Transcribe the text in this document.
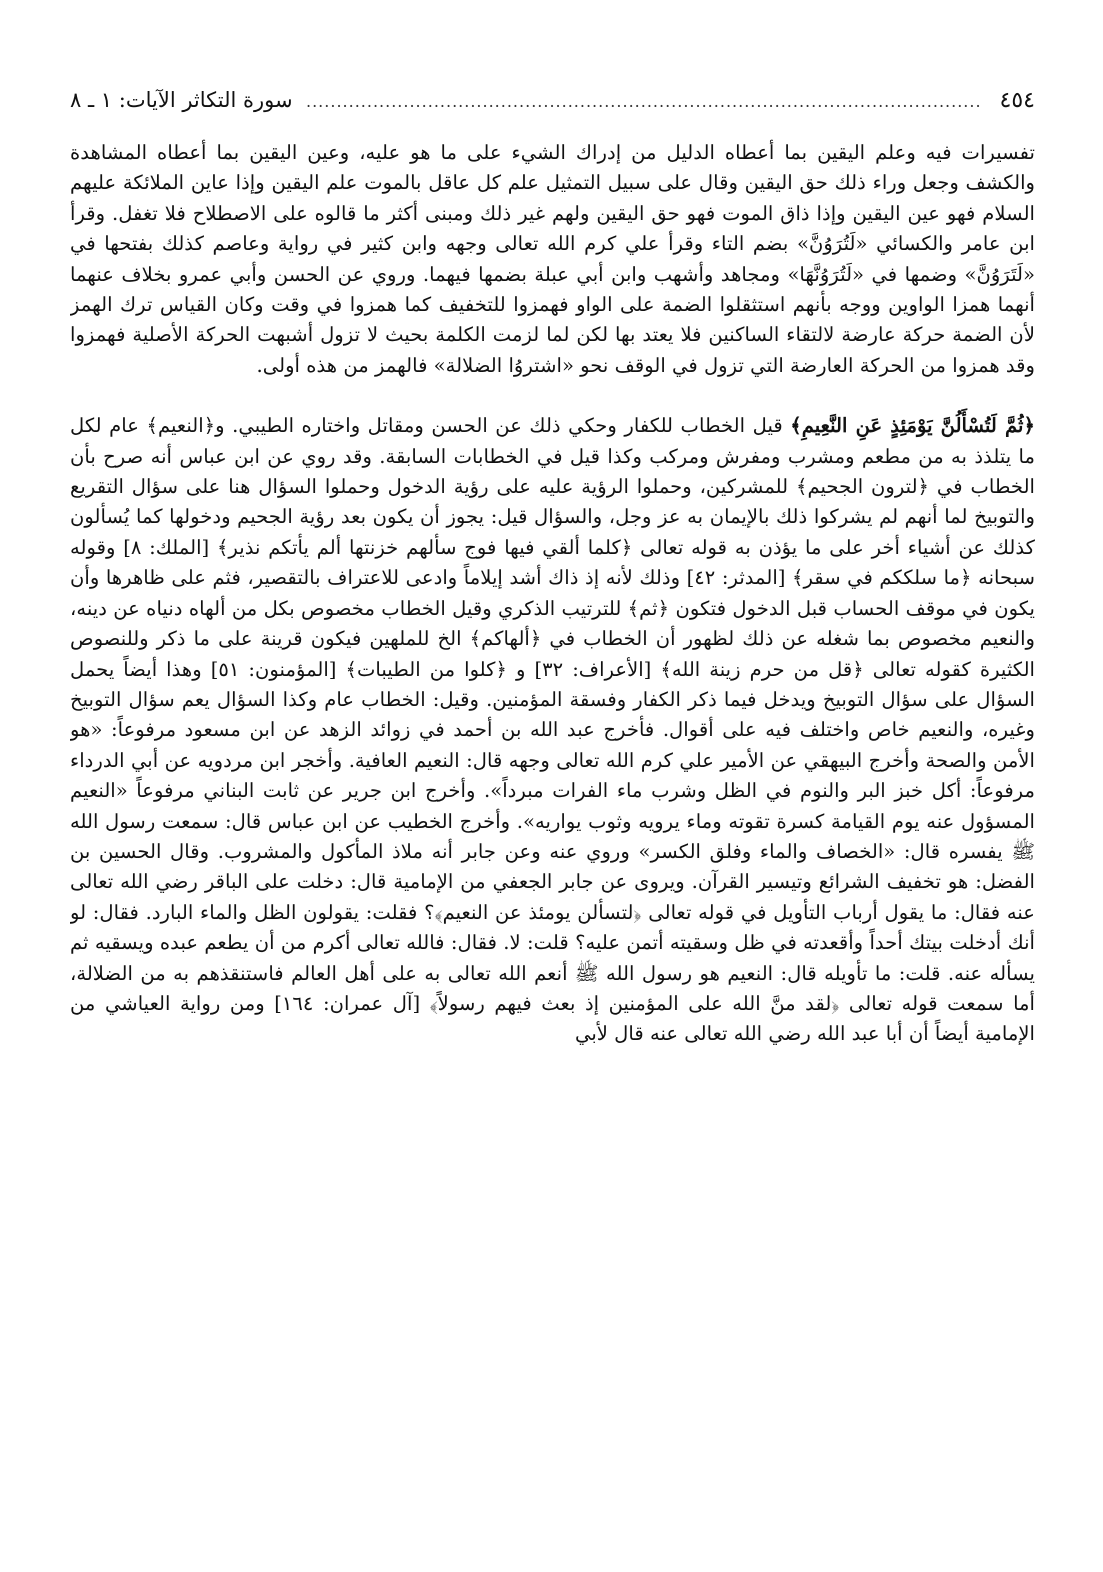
٤٥٤
.....
سورة التكاثر الآيات: ١ ـ ٨

تفسيرات فيه وعلم اليقين بما أعطاه الدليل من إدراك الشيء على ما هو عليه، وعين اليقين بما أعطاه المشاهدة والكشف وجعل وراء ذلك حق اليقين وقال على سبيل التمثيل علم كل عاقل بالموت علم اليقين وإذا عاين الملائكة عليهم السلام فهو عين اليقين وإذا ذاق الموت فهو حق اليقين ولهم غير ذلك ومبنى أكثر ما قالوه على الاصطلاح فلا تغفل. وقرأ ابن عامر والكسائي «لَتُرَوُنَّ» بضم التاء وقرأ علي كرم الله تعالى وجهه وابن كثير في رواية وعاصم كذلك بفتحها في «لَتَرَوُنَّ» وضمها في «لَتُرَوُنَّهَا» ومجاهد وأشهب وابن أبي عبلة بضمها فيهما. وروي عن الحسن وأبي عمرو بخلاف عنهما أنهما همزا الواوين ووجه بأنهم استثقلوا الضمة على الواو فهمزوا للتخفيف كما همزوا في وقت وكان القياس ترك الهمز لأن الضمة حركة عارضة لالتقاء الساكنين فلا يعتد بها لكن لما لزمت الكلمة بحيث لا تزول أشبهت الحركة الأصلية فهمزوا وقد همزوا من الحركة العارضة التي تزول في الوقف نحو «اشتروُا الضلالة» فالهمز من هذه أولى.

﴿ثُمَّ لَتُسْأَلُنَّ يَوْمَئِذٍ عَنِ النَّعِيمِ﴾ قيل الخطاب للكفار وحكي ذلك عن الحسن ومقاتل واختاره الطيبي. و﴿النعيم﴾ عام لكل ما يتلذذ به من مطعم ومشرب ومفرش ومركب وكذا قيل في الخطابات السابقة. وقد روي عن ابن عباس أنه صرح بأن الخطاب في ﴿لترون الجحيم﴾ للمشركين، وحملوا الرؤية عليه على رؤية الدخول وحملوا السؤال هنا على سؤال التقريع والتوبيخ لما أنهم لم يشركوا ذلك بالإيمان به عز وجل، والسؤال قيل: يجوز أن يكون بعد رؤية الجحيم ودخولها كما يُسألون كذلك عن أشياء أخر على ما يؤذن به قوله تعالى ﴿كلما ألقي فيها فوج سألهم خزنتها ألم يأتكم نذير﴾ [الملك: ٨] وقوله سبحانه ﴿ما سلككم في سقر﴾ [المدثر: ٤٢] وذلك لأنه إذ ذاك أشد إيلاماً وادعى للاعتراف بالتقصير، فثم على ظاهرها وأن يكون في موقف الحساب قبل الدخول فتكون ﴿ثم﴾ للترتيب الذكري وقيل الخطاب مخصوص بكل من ألهاه دنياه عن دينه، والنعيم مخصوص بما شغله عن ذلك لظهور أن الخطاب في ﴿ألهاكم﴾ الخ للملهين فيكون قرينة على ما ذكر وللنصوص الكثيرة كقوله تعالى ﴿قل من حرم زينة الله﴾ [الأعراف: ٣٢] و ﴿كلوا من الطيبات﴾ [المؤمنون: ٥١] وهذا أيضاً يحمل السؤال على سؤال التوبيخ ويدخل فيما ذكر الكفار وفسقة المؤمنين. وقيل: الخطاب عام وكذا السؤال يعم سؤال التوبيخ وغيره، والنعيم خاص واختلف فيه على أقوال. فأخرج عبد الله بن أحمد في زوائد الزهد عن ابن مسعود مرفوعاً: «هو الأمن والصحة وأخرج البيهقي عن الأمير علي كرم الله تعالى وجهه قال: النعيم العافية. وأخجر ابن مردويه عن أبي الدرداء مرفوعاً: أكل خبز البر والنوم في الظل وشرب ماء الفرات مبرداً». وأخرج ابن جرير عن ثابت البناني مرفوعاً «النعيم المسؤول عنه يوم القيامة كسرة تقوته وماء يرويه وثوب يواريه». وأخرج الخطيب عن ابن عباس قال: سمعت رسول الله ﷺ يفسره قال: «الخصاف والماء وفلق الكسر» وروي عنه وعن جابر أنه ملاذ المأكول والمشروب. وقال الحسين بن الفضل: هو تخفيف الشرائع وتيسير القرآن. ويروى عن جابر الجعفي من الإمامية قال: دخلت على الباقر رضي الله تعالى عنه فقال: ما يقول أرباب التأويل في قوله تعالى ﴿لتسألن يومئذ عن النعيم﴾؟ فقلت: يقولون الظل والماء البارد. فقال: لو أنك أدخلت بيتك أحداً وأقعدته في ظل وسقيته أتمن عليه؟ قلت: لا. فقال: فالله تعالى أكرم من أن يطعم عبده ويسقيه ثم يسأله عنه. قلت: ما تأويله قال: النعيم هو رسول الله ﷺ أنعم الله تعالى به على أهل العالم فاستنقذهم به من الضلالة، أما سمعت قوله تعالى ﴿لقد منَّ الله على المؤمنين إذ بعث فيهم رسولاً﴾ [آل عمران: ١٦٤] ومن رواية العياشي من الإمامية أيضاً أن أبا عبد الله رضي الله تعالى عنه قال لأبي
